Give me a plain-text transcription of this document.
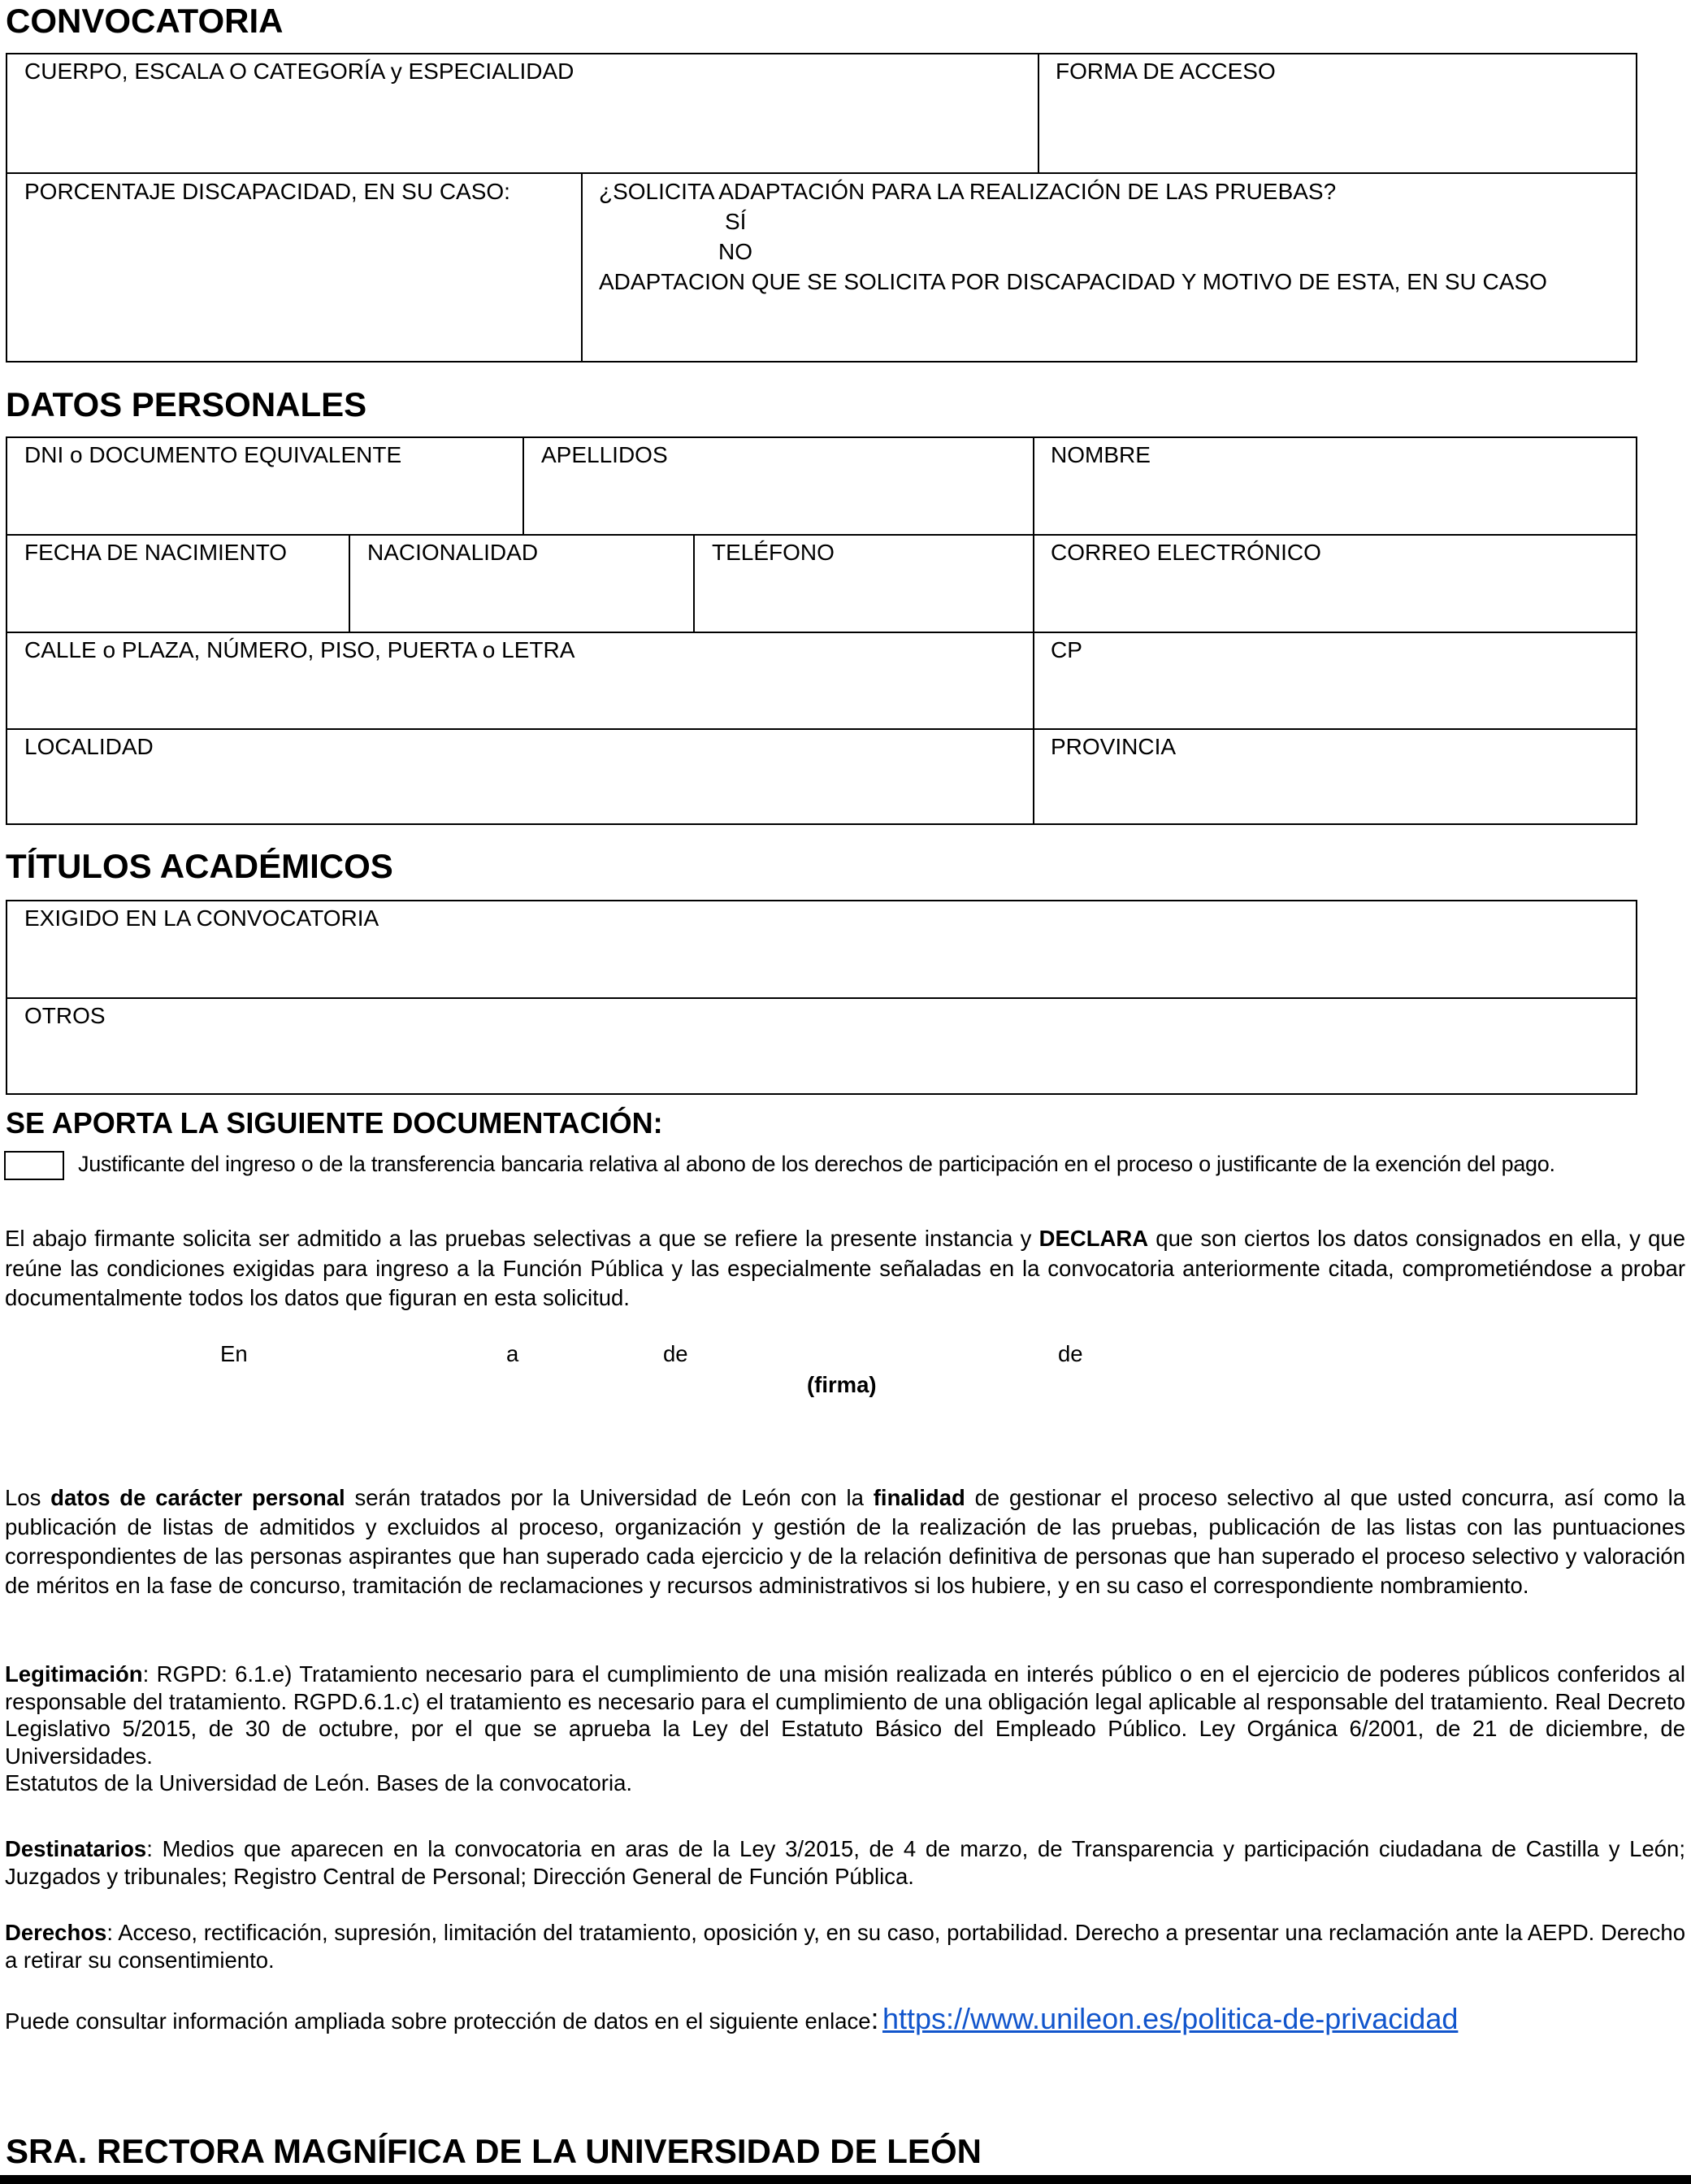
CONVOCATORIA
CUERPO, ESCALA O CATEGORÍA y ESPECIALIDAD	FORMA DE ACCESO
PORCENTAJE DISCAPACIDAD, EN SU CASO:	¿SOLICITA ADAPTACIÓN PARA LA REALIZACIÓN DE LAS PRUEBAS?
SÍ
NO
ADAPTACION QUE SE SOLICITA POR DISCAPACIDAD Y MOTIVO DE ESTA, EN SU CASO
DATOS PERSONALES
DNI o DOCUMENTO EQUIVALENTE	APELLIDOS	NOMBRE
FECHA DE NACIMIENTO	NACIONALIDAD	TELÉFONO	CORREO ELECTRÓNICO
CALLE o PLAZA, NÚMERO, PISO, PUERTA o LETRA	CP
LOCALIDAD	PROVINCIA
TÍTULOS ACADÉMICOS
EXIGIDO EN LA CONVOCATORIA
OTROS
SE APORTA LA SIGUIENTE DOCUMENTACIÓN:
Justificante del ingreso o de la transferencia bancaria relativa al abono de los derechos de participación en el proceso o justificante de la exención del pago.
El abajo firmante solicita ser admitido a las pruebas selectivas a que se refiere la presente instancia y DECLARA que son ciertos los datos consignados en ella, y que reúne las condiciones exigidas para ingreso a la Función Pública y las especialmente señaladas en la convocatoria anteriormente citada, comprometiéndose a probar documentalmente todos los datos que figuran en esta solicitud.
En	a	de	de
(firma)
Los datos de carácter personal serán tratados por la Universidad de León con la finalidad de gestionar el proceso selectivo al que usted concurra, así como la publicación de listas de admitidos y excluidos al proceso, organización y gestión de la realización de las pruebas, publicación de las listas con las puntuaciones correspondientes de las personas aspirantes que han superado cada ejercicio y de la relación definitiva de personas que han superado el proceso selectivo y valoración de méritos en la fase de concurso, tramitación de reclamaciones y recursos administrativos si los hubiere, y en su caso el correspondiente nombramiento.
Legitimación: RGPD: 6.1.e) Tratamiento necesario para el cumplimiento de una misión realizada en interés público o en el ejercicio de poderes públicos conferidos al responsable del tratamiento. RGPD.6.1.c) el tratamiento es necesario para el cumplimiento de una obligación legal aplicable al responsable del tratamiento. Real Decreto Legislativo 5/2015, de 30 de octubre, por el que se aprueba la Ley del Estatuto Básico del Empleado Público. Ley Orgánica 6/2001, de 21 de diciembre, de Universidades.
Estatutos de la Universidad de León. Bases de la convocatoria.
Destinatarios: Medios que aparecen en la convocatoria en aras de la Ley 3/2015, de 4 de marzo, de Transparencia y participación ciudadana de Castilla y León; Juzgados y tribunales; Registro Central de Personal; Dirección General de Función Pública.
Derechos: Acceso, rectificación, supresión, limitación del tratamiento, oposición y, en su caso, portabilidad. Derecho a presentar una reclamación ante la AEPD. Derecho a retirar su consentimiento.
Puede consultar información ampliada sobre protección de datos en el siguiente enlace: https://www.unileon.es/politica-de-privacidad
SRA. RECTORA MAGNÍFICA DE LA UNIVERSIDAD DE LEÓN
